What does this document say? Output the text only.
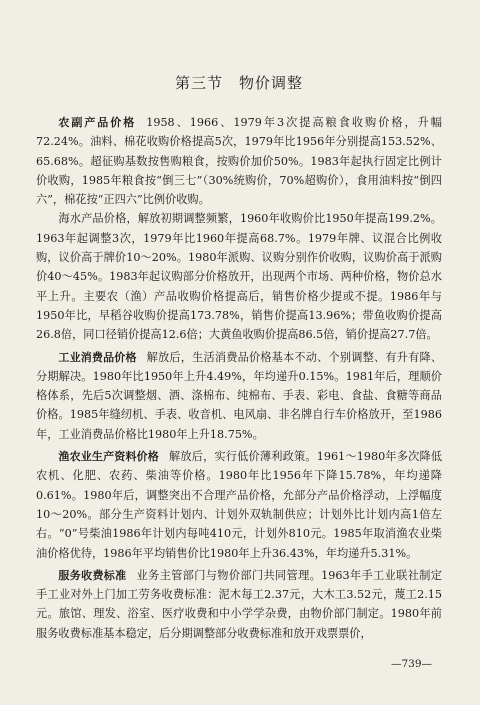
第三节　物价调整

农副产品价格 1958、1966、1979年3次提高粮食收购价格，升幅72.24%。油料、棉花收购价格提高5次，1979年比1956年分别提高153.52%、65.68%。超征购基数按售购粮食，按购价加价50%。1983年起执行固定比例计价收购，1985年粮食按“倒三七”（30%统购价，70%超购价），食用油料按“倒四六”，棉花按“正四六”比例价收购。

海水产品价格，解放初期调整频繁，1960年收购价比1950年提高199.2%。1963年起调整3次，1979年比1960年提高68.7%。1979年牌、议混合比例收购，议价高于牌价10～20%。1980年派购、议购分别作价收购，议购价高于派购价40～45%。1983年起议购部分价格放开，出现两个市场、两种价格，物价总水平上升。主要农（渔）产品收购价格提高后，销售价格少提或不提。1986年与1950年比，早稻谷收购价提高173.78%，销售价提高13.96%；带鱼收购价提高26.8倍，同口径销价提高12.6倍；大黄鱼收购价提高86.5倍，销价提高27.7倍。

工业消费品价格 解放后，生活消费品价格基本不动、个别调整、有升有降、分期解决。1980年比1950年上升4.49%，年均递升0.15%。1981年后，理顺价格体系，先后5次调整烟、酒、涤棉布、纯棉布、手表、彩电、食盐、食糖等商品价格。1985年缝纫机、手表、收音机、电风扇、非名牌自行车价格放开，至1986年，工业消费品价格比1980年上升18.75%。

渔农业生产资料价格 解放后，实行低价薄利政策。1961～1980年多次降低农机、化肥、农药、柴油等价格。1980年比1956年下降15.78%，年均递降0.61%。1980年后，调整突出不合理产品价格，允部分产品价格浮动，上浮幅度10～20%。部分生产资料计划内、计划外双轨制供应；计划外比计划内高1倍左右。“0”号柴油1986年计划内每吨410元，计划外810元。1985年取消渔农业柴油价格优待，1986年平均销售价比1980年上升36.43%，年均递升5.31%。

服务收费标准 业务主管部门与物价部门共同管理。1963年手工业联社制定手工业对外上门加工劳务收费标准：泥木每工2.37元，大木工3.52元，蔑工2.15元。旅馆、理发、浴室、医疗收费和中小学学杂费，由物价部门制定。1980年前服务收费标准基本稳定，后分期调整部分收费标准和放开戏票票价，

—739—
